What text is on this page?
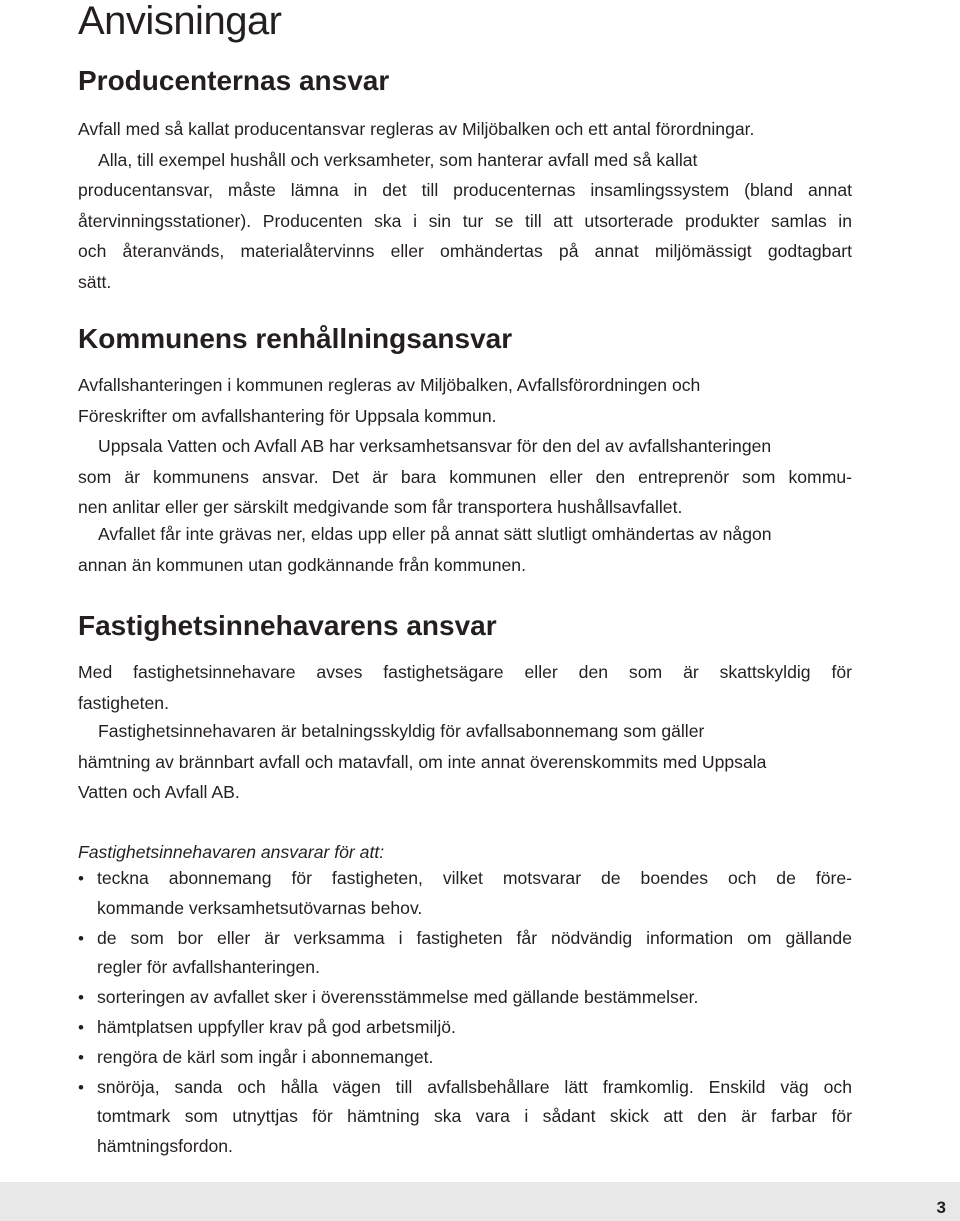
Anvisningar
Producenternas ansvar
Avfall med så kallat producentansvar regleras av Miljöbalken och ett antal förordningar.
Alla, till exempel hushåll och verksamheter, som hanterar avfall med så kallat
producentansvar, måste lämna in det till producenternas insamlingssystem (bland annat
återvinningsstationer). Producenten ska i sin tur se till att utsorterade produkter samlas in
och återanvänds, materialåtervinns eller omhändertas på annat miljömässigt godtagbart
sätt.
Kommunens renhållningsansvar
Avfallshanteringen i kommunen regleras av Miljöbalken, Avfallsförordningen och
Föreskrifter om avfallshantering för Uppsala kommun.
Uppsala Vatten och Avfall AB har verksamhetsansvar för den del av avfallshanteringen
som är kommunens ansvar. Det är bara kommunen eller den entreprenör som kommu-
nen anlitar eller ger särskilt medgivande som får transportera hushållsavfallet.
Avfallet får inte grävas ner, eldas upp eller på annat sätt slutligt omhändertas av någon
annan än kommunen utan godkännande från kommunen.
Fastighetsinnehavarens ansvar
Med fastighetsinnehavare avses fastighetsägare eller den som är skattskyldig för
fastigheten.
Fastighetsinnehavaren är betalningsskyldig för avfallsabonnemang som gäller
hämtning av brännbart avfall och matavfall, om inte annat överenskommits med Uppsala
Vatten och Avfall AB.

Fastighetsinnehavaren ansvarar för att:

• teckna abonnemang för fastigheten, vilket motsvarar de boendes och de före-
kommande verksamhetsutövarnas behov.
• de som bor eller är verksamma i fastigheten får nödvändig information om gällande
regler för avfallshanteringen.
• sorteringen av avfallet sker i överensstämmelse med gällande bestämmelser.
• hämtplatsen uppfyller krav på god arbetsmiljö.
• rengöra de kärl som ingår i abonnemanget.
• snöröja, sanda och hålla vägen till avfallsbehållare lätt framkomlig. Enskild väg och
tomtmark som utnyttjas för hämtning ska vara i sådant skick att den är farbar för
hämtningsfordon.
3
